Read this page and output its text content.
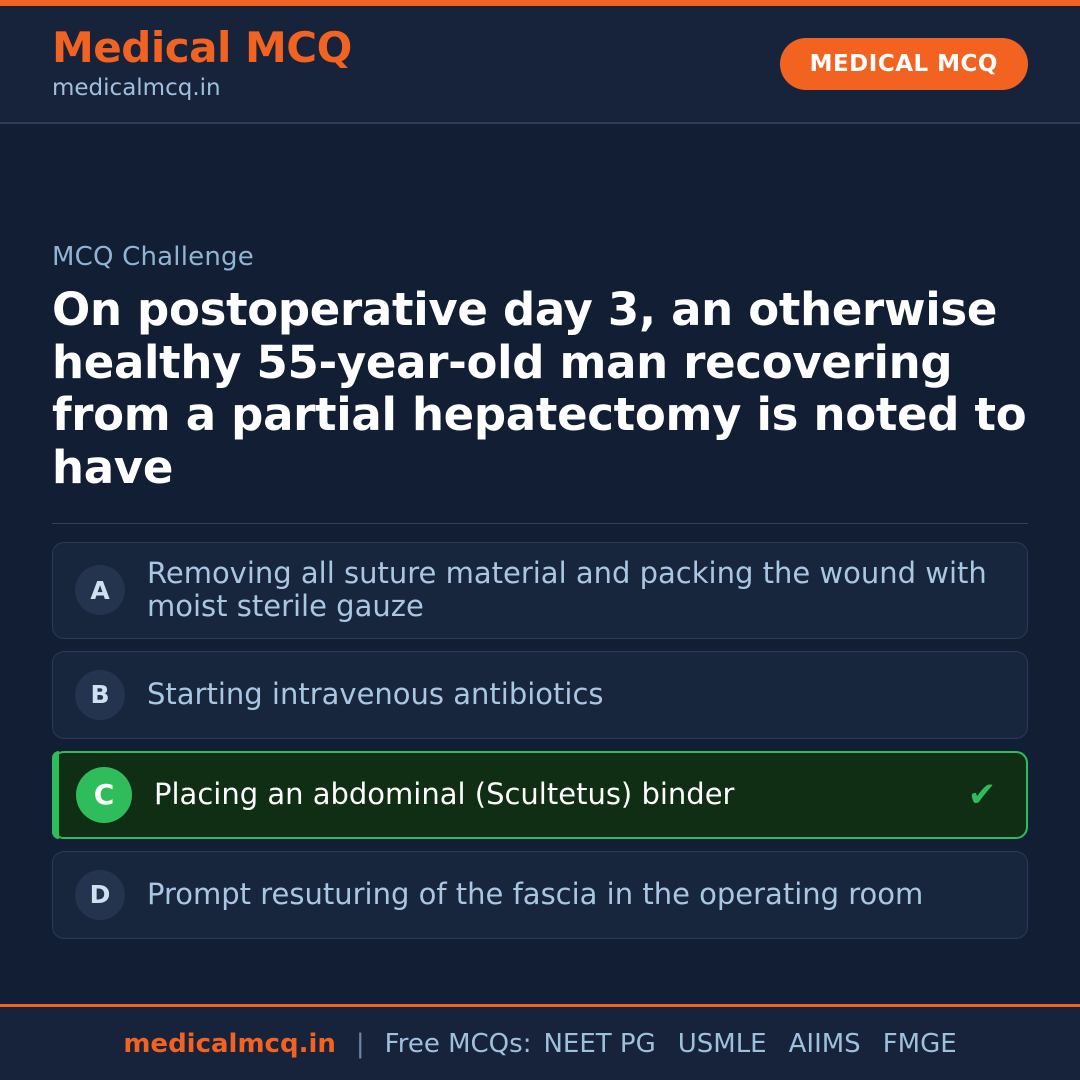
Medical MCQ
medicalmcq.in
MEDICAL MCQ
MCQ Challenge
On postoperative day 3, an otherwise healthy 55-year-old man recovering from a partial hepatectomy is noted to have
A
Removing all suture material and packing the wound with moist sterile gauze
B	Starting intravenous antibiotics
C	Placing an abdominal (Scultetus) binder	✔
D	Prompt resuturing of the fascia in the operating room
medicalmcq.in | Free MCQs: NEET PG USMLE AIIMS FMGE
